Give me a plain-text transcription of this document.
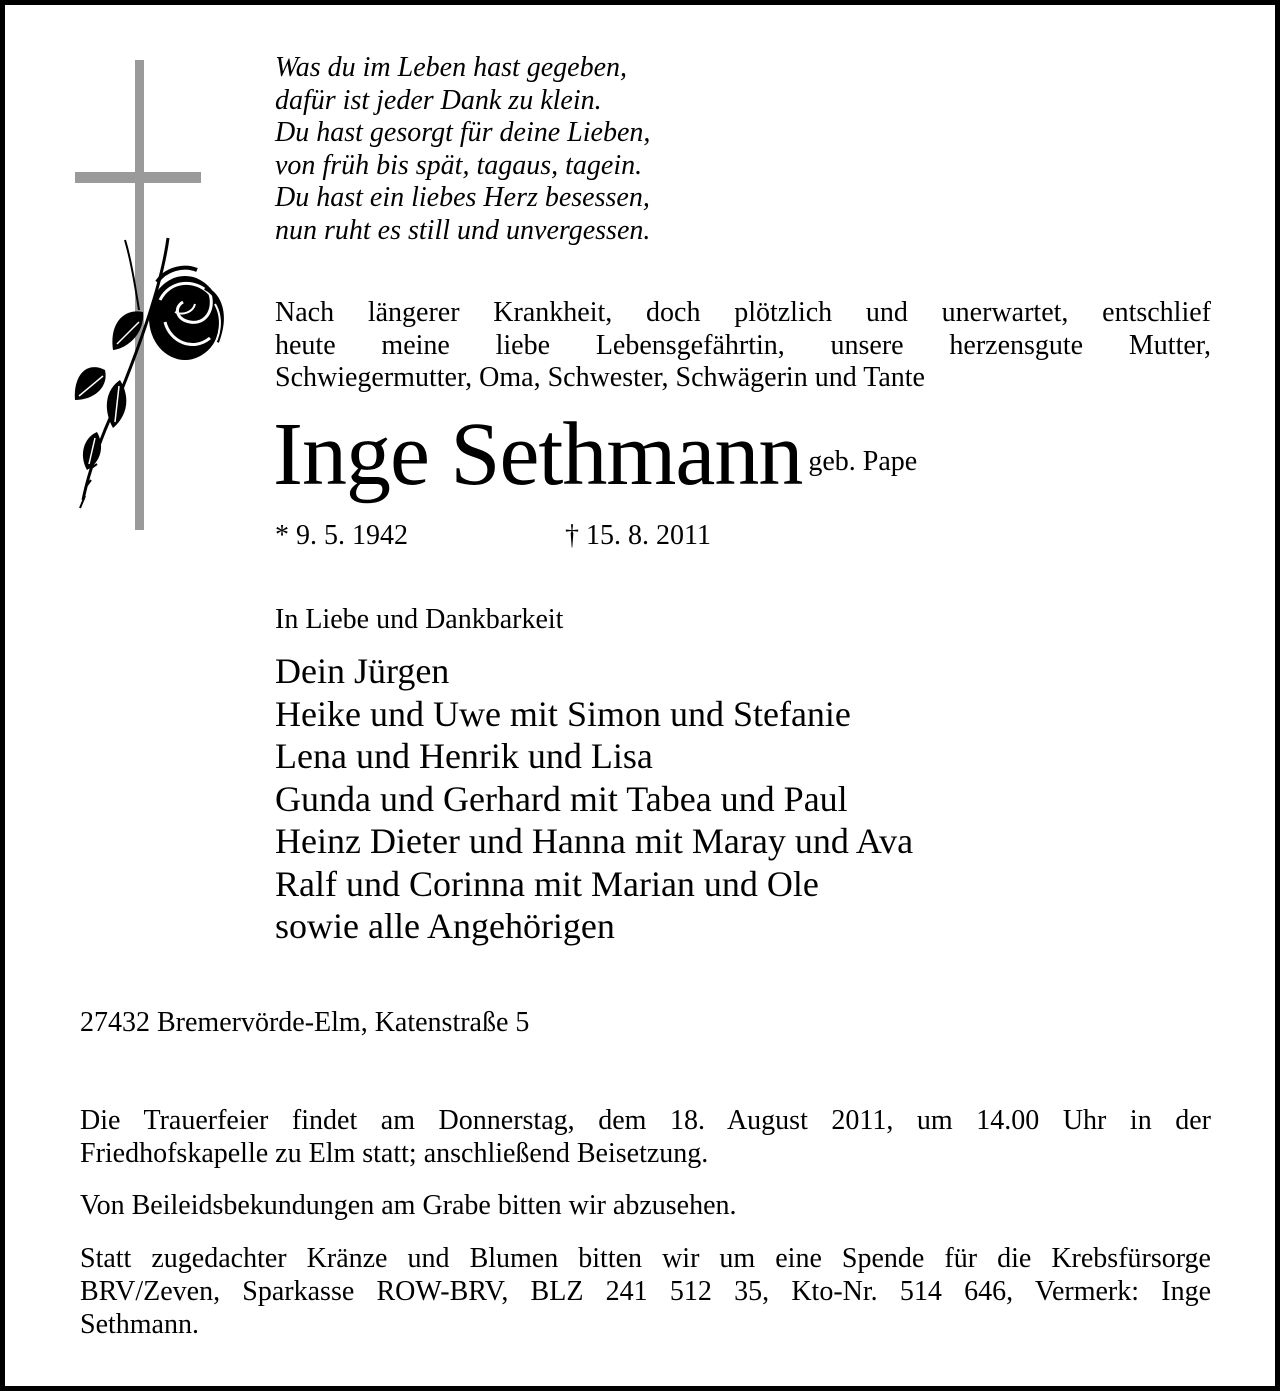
Was du im Leben hast gegeben,
dafür ist jeder Dank zu klein.
Du hast gesorgt für deine Lieben,
von früh bis spät, tagaus, tagein.
Du hast ein liebes Herz besessen,
nun ruht es still und unvergessen.
Nach längerer Krankheit, doch plötzlich und unerwartet, entschlief
heute meine liebe Lebensgefährtin, unsere herzensgute Mutter,
Schwiegermutter, Oma, Schwester, Schwägerin und Tante
Inge Sethmann geb. Pape
* 9. 5. 1942	† 15. 8. 2011
In Liebe und Dankbarkeit
Dein Jürgen
Heike und Uwe mit Simon und Stefanie
Lena und Henrik und Lisa
Gunda und Gerhard mit Tabea und Paul
Heinz Dieter und Hanna mit Maray und Ava
Ralf und Corinna mit Marian und Ole
sowie alle Angehörigen
27432 Bremervörde-Elm, Katenstraße 5
Die Trauerfeier findet am Donnerstag, dem 18. August 2011, um 14.00 Uhr in der
Friedhofskapelle zu Elm statt; anschließend Beisetzung.
Von Beileidsbekundungen am Grabe bitten wir abzusehen.
Statt zugedachter Kränze und Blumen bitten wir um eine Spende für die Krebsfürsorge
BRV/Zeven, Sparkasse ROW-BRV, BLZ 241 512 35, Kto-Nr. 514 646, Vermerk: Inge
Sethmann.
